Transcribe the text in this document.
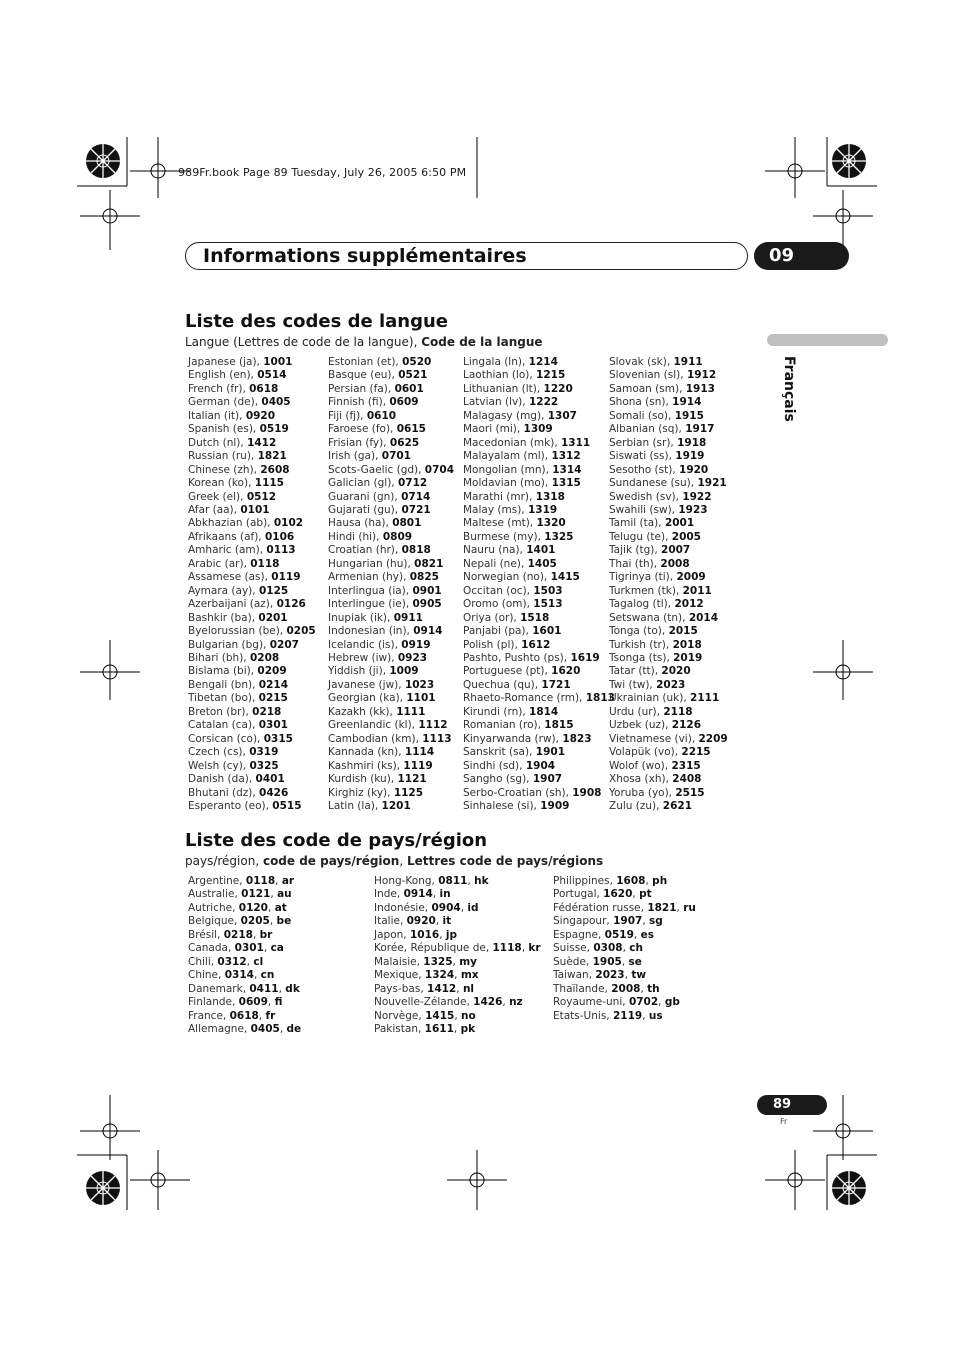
989Fr.book Page 89 Tuesday, July 26, 2005 6:50 PM
Informations supplémentaires	09
Français
Liste des codes de langue
Langue (Lettres de code de la langue), Code de la langue
Japanese (ja), 1001
English (en), 0514
French (fr), 0618
German (de), 0405
Italian (it), 0920
Spanish (es), 0519
Dutch (nl), 1412
Russian (ru), 1821
Chinese (zh), 2608
Korean (ko), 1115
Greek (el), 0512
Afar (aa), 0101
Abkhazian (ab), 0102
Afrikaans (af), 0106
Amharic (am), 0113
Arabic (ar), 0118
Assamese (as), 0119
Aymara (ay), 0125
Azerbaijani (az), 0126
Bashkir (ba), 0201
Byelorussian (be), 0205
Bulgarian (bg), 0207
Bihari (bh), 0208
Bislama (bi), 0209
Bengali (bn), 0214
Tibetan (bo), 0215
Breton (br), 0218
Catalan (ca), 0301
Corsican (co), 0315
Czech (cs), 0319
Welsh (cy), 0325
Danish (da), 0401
Bhutani (dz), 0426
Esperanto (eo), 0515
Estonian (et), 0520
Basque (eu), 0521
Persian (fa), 0601
Finnish (fi), 0609
Fiji (fj), 0610
Faroese (fo), 0615
Frisian (fy), 0625
Irish (ga), 0701
Scots-Gaelic (gd), 0704
Galician (gl), 0712
Guarani (gn), 0714
Gujarati (gu), 0721
Hausa (ha), 0801
Hindi (hi), 0809
Croatian (hr), 0818
Hungarian (hu), 0821
Armenian (hy), 0825
Interlingua (ia), 0901
Interlingue (ie), 0905
Inupiak (ik), 0911
Indonesian (in), 0914
Icelandic (is), 0919
Hebrew (iw), 0923
Yiddish (ji), 1009
Javanese (jw), 1023
Georgian (ka), 1101
Kazakh (kk), 1111
Greenlandic (kl), 1112
Cambodian (km), 1113
Kannada (kn), 1114
Kashmiri (ks), 1119
Kurdish (ku), 1121
Kirghiz (ky), 1125
Latin (la), 1201
Lingala (ln), 1214
Laothian (lo), 1215
Lithuanian (lt), 1220
Latvian (lv), 1222
Malagasy (mg), 1307
Maori (mi), 1309
Macedonian (mk), 1311
Malayalam (ml), 1312
Mongolian (mn), 1314
Moldavian (mo), 1315
Marathi (mr), 1318
Malay (ms), 1319
Maltese (mt), 1320
Burmese (my), 1325
Nauru (na), 1401
Nepali (ne), 1405
Norwegian (no), 1415
Occitan (oc), 1503
Oromo (om), 1513
Oriya (or), 1518
Panjabi (pa), 1601
Polish (pl), 1612
Pashto, Pushto (ps), 1619
Portuguese (pt), 1620
Quechua (qu), 1721
Rhaeto-Romance (rm), 1813
Kirundi (rn), 1814
Romanian (ro), 1815
Kinyarwanda (rw), 1823
Sanskrit (sa), 1901
Sindhi (sd), 1904
Sangho (sg), 1907
Serbo-Croatian (sh), 1908
Sinhalese (si), 1909
Slovak (sk), 1911
Slovenian (sl), 1912
Samoan (sm), 1913
Shona (sn), 1914
Somali (so), 1915
Albanian (sq), 1917
Serbian (sr), 1918
Siswati (ss), 1919
Sesotho (st), 1920
Sundanese (su), 1921
Swedish (sv), 1922
Swahili (sw), 1923
Tamil (ta), 2001
Telugu (te), 2005
Tajik (tg), 2007
Thai (th), 2008
Tigrinya (ti), 2009
Turkmen (tk), 2011
Tagalog (tl), 2012
Setswana (tn), 2014
Tonga (to), 2015
Turkish (tr), 2018
Tsonga (ts), 2019
Tatar (tt), 2020
Twi (tw), 2023
Ukrainian (uk), 2111
Urdu (ur), 2118
Uzbek (uz), 2126
Vietnamese (vi), 2209
Volapük (vo), 2215
Wolof (wo), 2315
Xhosa (xh), 2408
Yoruba (yo), 2515
Zulu (zu), 2621
Liste des code de pays/région
pays/région, code de pays/région, Lettres code de pays/régions
Argentine, 0118, ar
Australie, 0121, au
Autriche, 0120, at
Belgique, 0205, be
Brésil, 0218, br
Canada, 0301, ca
Chili, 0312, cl
Chine, 0314, cn
Danemark, 0411, dk
Finlande, 0609, fi
France, 0618, fr
Allemagne, 0405, de
Hong-Kong, 0811, hk
Inde, 0914, in
Indonésie, 0904, id
Italie, 0920, it
Japon, 1016, jp
Korée, République de, 1118, kr
Malaisie, 1325, my
Mexique, 1324, mx
Pays-bas, 1412, nl
Nouvelle-Zélande, 1426, nz
Norvège, 1415, no
Pakistan, 1611, pk
Philippines, 1608, ph
Portugal, 1620, pt
Fédération russe, 1821, ru
Singapour, 1907, sg
Espagne, 0519, es
Suisse, 0308, ch
Suède, 1905, se
Taiwan, 2023, tw
Thaïlande, 2008, th
Royaume-uni, 0702, gb
Etats-Unis, 2119, us
89
Fr
